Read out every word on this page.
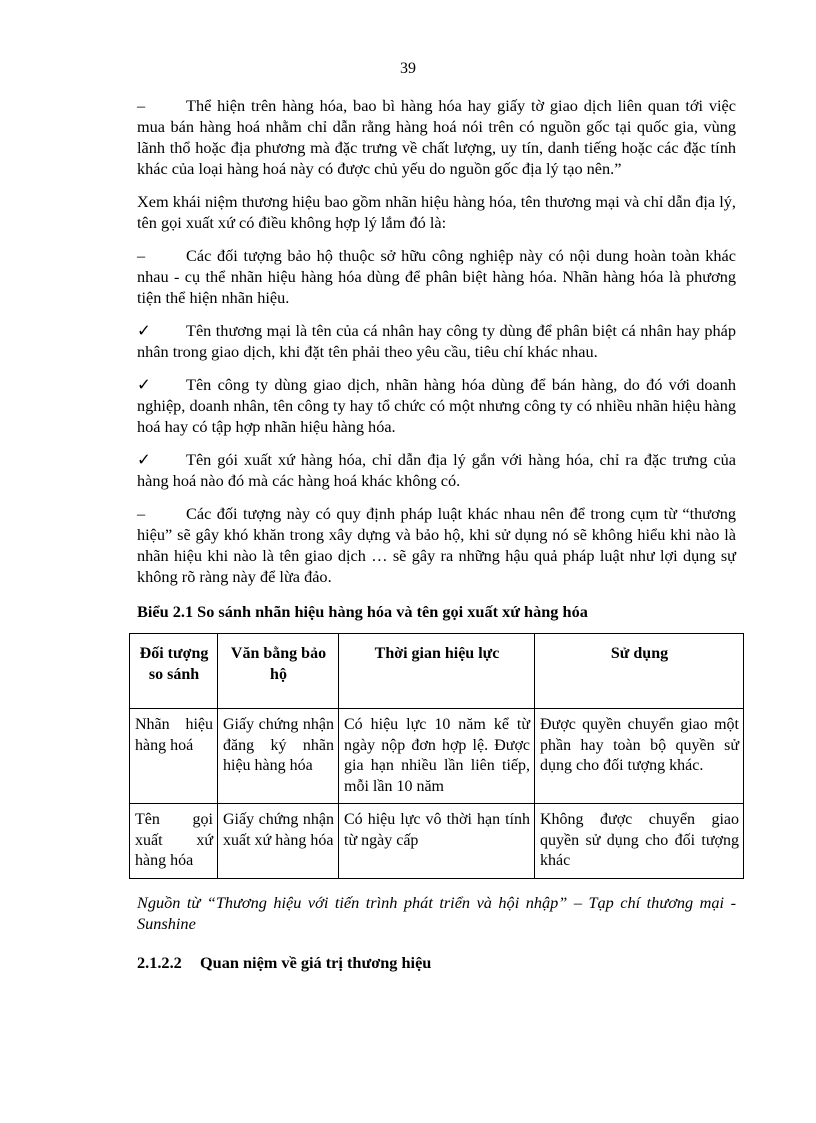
39

–	Thể hiện trên hàng hóa, bao bì hàng hóa hay giấy tờ giao dịch liên quan tới việc mua bán hàng hoá nhằm chỉ dẫn rằng hàng hoá nói trên có nguồn gốc tại quốc gia, vùng lãnh thổ hoặc địa phương mà đặc trưng về chất lượng, uy tín, danh tiếng hoặc các đặc tính khác của loại hàng hoá này có được chủ yếu do nguồn gốc địa lý tạo nên.”

Xem khái niệm thương hiệu bao gồm nhãn hiệu hàng hóa, tên thương mại và chỉ dẫn địa lý, tên gọi xuất xứ có điều không hợp lý lắm đó là:

–	Các đối tượng bảo hộ thuộc sở hữu công nghiệp này có nội dung hoàn toàn khác nhau - cụ thể nhãn hiệu hàng hóa dùng để phân biệt hàng hóa. Nhãn hàng hóa là phương tiện thể hiện nhãn hiệu.

✓ Tên thương mại là tên của cá nhân hay công ty dùng để phân biệt cá nhân hay pháp nhân trong giao dịch, khi đặt tên phải theo yêu cầu, tiêu chí khác nhau.

✓ Tên công ty dùng giao dịch, nhãn hàng hóa dùng để bán hàng, do đó với doanh nghiệp, doanh nhân, tên công ty hay tổ chức có một nhưng công ty có nhiều nhãn hiệu hàng hoá hay có tập hợp nhãn hiệu hàng hóa.

✓ Tên gói xuất xứ hàng hóa, chỉ dẫn địa lý gắn với hàng hóa, chỉ ra đặc trưng của hàng hoá nào đó mà các hàng hoá khác không có.

–	Các đối tượng này có quy định pháp luật khác nhau nên để trong cụm từ “thương hiệu” sẽ gây khó khăn trong xây dựng và bảo hộ, khi sử dụng nó sẽ không hiểu khi nào là nhãn hiệu khi nào là tên giao dịch … sẽ gây ra những hậu quả pháp luật như lợi dụng sự không rõ ràng này để lừa đảo.

Biểu 2.1 So sánh nhãn hiệu hàng hóa và tên gọi xuất xứ hàng hóa
Đối tượng so sánh	Văn bằng bảo hộ	Thời gian hiệu lực	Sử dụng
Nhãn hiệu hàng hoá	Giấy chứng nhận đăng ký nhãn hiệu hàng hóa	Có hiệu lực 10 năm kể từ ngày nộp đơn hợp lệ. Được gia hạn nhiều lần liên tiếp, mỗi lần 10 năm	Được quyền chuyển giao một phần hay toàn bộ quyền sử dụng cho đối tượng khác.
Tên gọi xuất xứ hàng hóa	Giấy chứng nhận xuất xứ hàng hóa	Có hiệu lực vô thời hạn tính từ ngày cấp	Không được chuyển giao quyền sử dụng cho đối tượng khác

Nguồn từ “Thương hiệu với tiến trình phát triển và hội nhập” – Tạp chí thương mại - Sunshine

2.1.2.2 Quan niệm về giá trị thương hiệu
